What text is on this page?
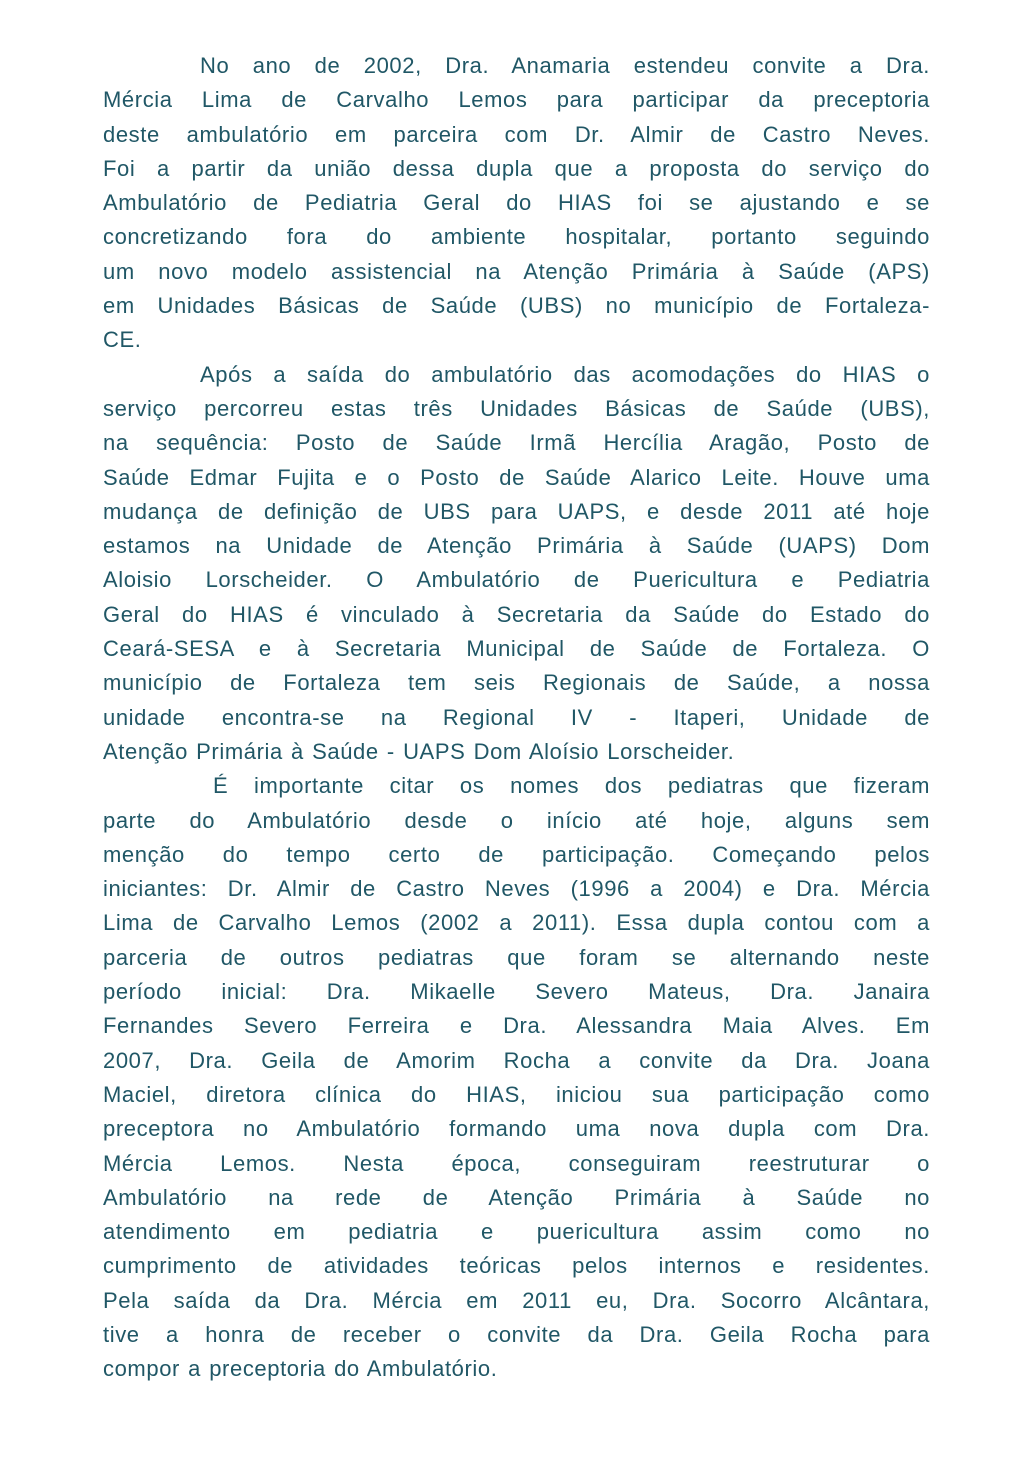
No ano de 2002, Dra. Anamaria estendeu convite a Dra.
Mércia Lima de Carvalho Lemos para participar da preceptoria
deste ambulatório em parceira com Dr. Almir de Castro Neves.
Foi a partir da união dessa dupla que a proposta do serviço do
Ambulatório de Pediatria Geral do HIAS foi se ajustando e se
concretizando fora do ambiente hospitalar, portanto seguindo
um novo modelo assistencial na Atenção Primária à Saúde (APS)
em Unidades Básicas de Saúde (UBS) no município de Fortaleza-
CE.
Após a saída do ambulatório das acomodações do HIAS o
serviço percorreu estas três Unidades Básicas de Saúde (UBS),
na sequência: Posto de Saúde Irmã Hercília Aragão, Posto de
Saúde Edmar Fujita e o Posto de Saúde Alarico Leite. Houve uma
mudança de definição de UBS para UAPS, e desde 2011 até hoje
estamos na Unidade de Atenção Primária à Saúde (UAPS) Dom
Aloisio Lorscheider. O Ambulatório de Puericultura e Pediatria
Geral do HIAS é vinculado à Secretaria da Saúde do Estado do
Ceará-SESA e à Secretaria Municipal de Saúde de Fortaleza. O
município de Fortaleza tem seis Regionais de Saúde, a nossa
unidade encontra-se na Regional IV - Itaperi, Unidade de
Atenção Primária à Saúde - UAPS Dom Aloísio Lorscheider.
É importante citar os nomes dos pediatras que fizeram
parte do Ambulatório desde o início até hoje, alguns sem
menção do tempo certo de participação. Começando pelos
iniciantes: Dr. Almir de Castro Neves (1996 a 2004) e Dra. Mércia
Lima de Carvalho Lemos (2002 a 2011). Essa dupla contou com a
parceria de outros pediatras que foram se alternando neste
período inicial: Dra. Mikaelle Severo Mateus, Dra. Janaira
Fernandes Severo Ferreira e Dra. Alessandra Maia Alves. Em
2007, Dra. Geila de Amorim Rocha a convite da Dra. Joana
Maciel, diretora clínica do HIAS, iniciou sua participação como
preceptora no Ambulatório formando uma nova dupla com Dra.
Mércia Lemos. Nesta época, conseguiram reestruturar o
Ambulatório na rede de Atenção Primária à Saúde no
atendimento em pediatria e puericultura assim como no
cumprimento de atividades teóricas pelos internos e residentes.
Pela saída da Dra. Mércia em 2011 eu, Dra. Socorro Alcântara,
tive a honra de receber o convite da Dra. Geila Rocha para
compor a preceptoria do Ambulatório.
